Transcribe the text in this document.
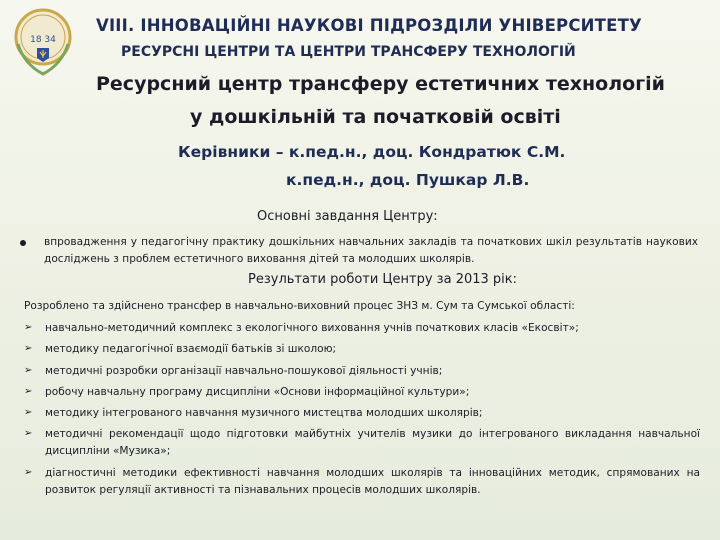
18 34
VIII. ІННОВАЦІЙНІ НАУКОВІ ПІДРОЗДІЛИ УНІВЕРСИТЕТУ
РЕСУРСНІ ЦЕНТРИ ТА ЦЕНТРИ ТРАНСФЕРУ ТЕХНОЛОГІЙ
Ресурсний центр трансферу естетичних технологій
у дошкільній та початковій освіті
Керівники – к.пед.н., доц. Кондратюк С.М.
к.пед.н., доц. Пушкар Л.В.
Основні завдання Центру:
впровадження у педагогічну практику дошкільних навчальних закладів та початкових шкіл результатів наукових досліджень з проблем естетичного виховання дітей та молодших школярів.
Результати роботи Центру за 2013 рік:
Розроблено та здійснено трансфер в навчально-виховний процес ЗНЗ м. Сум та Сумської області:
➢ навчально-методичний комплекс з екологічного виховання учнів початкових класів «Екосвіт»;
➢ методику педагогічної взаємодії батьків зі школою;
➢ методичні розробки організації навчально-пошукової діяльності учнів;
➢ робочу навчальну програму дисципліни «Основи інформаційної культури»;
➢ методику інтегрованого навчання музичного мистецтва молодших школярів;
➢ методичні рекомендації щодо підготовки майбутніх учителів музики до інтегрованого викладання навчальної дисципліни «Музика»;
➢ діагностичні методики ефективності навчання молодших школярів та інноваційних методик, спрямованих на розвиток регуляції активності та пізнавальних процесів молодших школярів.
